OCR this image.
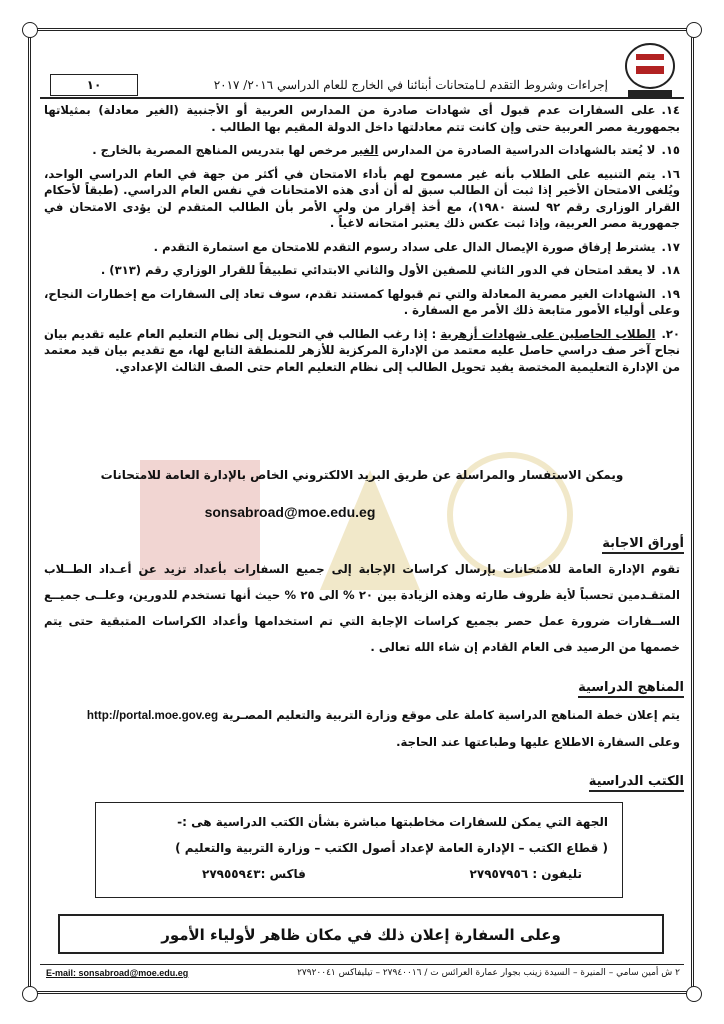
إجراءات وشروط التقدم لـامتحانات أبنائنا في الخارج للعام الدراسي ٢٠١٦/ ٢٠١٧
١٠

١٤.على السفارات عدم قبول أى شهادات صادرة من المدارس العربية أو الأجنبية (الغير معادلة) بمثيلاتها بجمهورية مصر العربية حتى وإن كانت تتم معادلتها داخل الدولة المقيم بها الطالب .

١٥.لا يُعتد بالشهادات الدراسية الصادرة من المدارس الغير مرخص لها بتدريس المناهج المصرية بالخارج .

١٦.يتم التنبيه على الطلاب بأنه غير مسموح لهم بأداء الامتحان في أكثر من جهة في العام الدراسي الواحد، ويُلغى الامتحان الأخير إذا ثبت أن الطالب سبق له أن أدى هذه الامتحانات في نفس العام الدراسي. (طبقاً لأحكام القرار الوزارى رقم ٩٢ لسنة ١٩٨٠)، مع أخذ إقرار من ولي الأمر بأن الطالب المتقدم لن يؤدى الامتحان في جمهورية مصر العربية، وإذا ثبت عكس ذلك يعتبر امتحانه لاغياً .

١٧.يشترط إرفاق صورة الإيصال الدال على سداد رسوم التقدم للامتحان مع استمارة التقدم .

١٨.لا يعقد امتحان في الدور الثاني للصفين الأول والثاني الابتدائي تطبيقاً للقرار الوزاري رقم (٣١٣) .

١٩.الشهادات الغير مصرية المعادلة والتي تم قبولها كمستند تقدم، سوف تعاد إلى السفارات مع إخطارات النجاح، وعلى أولياء الأمور متابعة ذلك الأمر مع السفارة .

٢٠.الطلاب الحاصلين على شهادات أزهرية : إذا رغب الطالب في التحويل إلى نظام التعليم العام عليه تقديم بيان نجاح آخر صف دراسي حاصل عليه معتمد من الإدارة المركزية للأزهر للمنطقة التابع لها، مع تقديم بيان قيد معتمد من الإدارة التعليمية المختصة يفيد تحويل الطالب إلى نظام التعليم العام حتى الصف الثالث الإعدادي.

ويمكن الاستفسار والمراسلة عن طريق البريد الالكتروني الخاص بالإدارة العامة للامتحانات
sonsabroad@moe.edu.eg
أوراق الاجابة
تقوم الإدارة العامة للامتحانات بإرسال كراسات الإجابة إلى جميع السفارات بأعداد تزيد عن أعـداد الطــلاب المتقـدمين تحسباً لأية ظروف طارئه وهذه الزيادة بين ٢٠ % الى ٢٥ % حيث أنها تستخدم للدورين، وعلــى جميــع الســفارات ضرورة عمل حصر بجميع كراسات الإجابة التي تم استخدامها وأعداد الكراسات المتبقية حتى يتم خصمها من الرصيد فى العام القادم إن شاء الله تعالى .
المناهج الدراسية
يتم إعلان خطة المناهج الدراسية كاملة على موقع وزارة التربية والتعليم المصـرية http://portal.moe.gov.eg
وعلى السفارة الاطلاع عليها وطباعتها عند الحاجة.
الكتب الدراسية
الجهة التي يمكن للسفارات مخاطبتها مباشرة بشأن الكتب الدراسية هى :-
( قطاع الكتب – الإدارة العامة لإعداد أصول الكتب – وزارة التربية والتعليم )
تليفون : ٢٧٩٥٧٩٥٦
فاكس :٢٧٩٥٥٩٤٣
وعلى السفارة إعلان ذلك في مكان ظاهر لأولياء الأمور
E-mail: sonsabroad@moe.edu.eg	٢ ش أمين سامي – المنيرة – السيدة زينب بجوار عمارة العرائس ت / ٢٧٩٤٠٠١٦ – تيليفاكس ٢٧٩٢٠٠٤١
